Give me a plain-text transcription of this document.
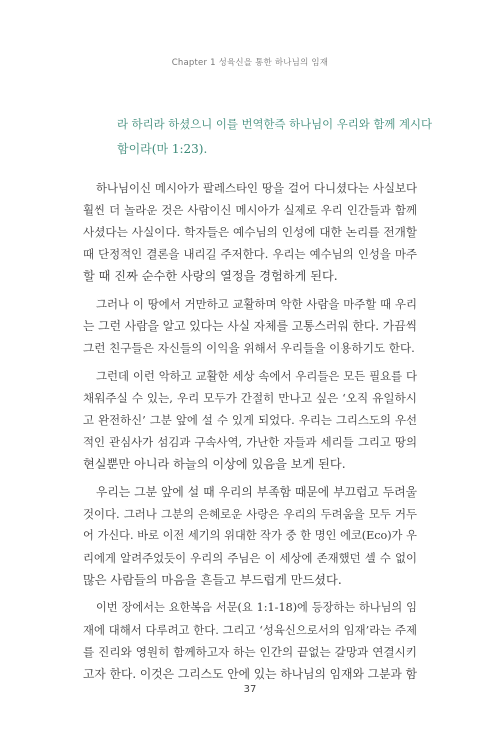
Chapter 1 성육신을 통한 하나님의 임재
라 하리라 하셨으니 이를 번역한즉 하나님이 우리와 함께 계시다
함이라(마 1:23).
하나님이신 메시아가 팔레스타인 땅을 걸어 다니셨다는 사실보다
훨씬 더 놀라운 것은 사람이신 메시아가 실제로 우리 인간들과 함께
사셨다는 사실이다. 학자들은 예수님의 인성에 대한 논리를 전개할
때 단정적인 결론을 내리길 주저한다. 우리는 예수님의 인성을 마주
할 때 진짜 순수한 사랑의 열정을 경험하게 된다.
그러나 이 땅에서 거만하고 교활하며 악한 사람을 마주할 때 우리
는 그런 사람을 알고 있다는 사실 자체를 고통스러워 한다. 가끔씩
그런 친구들은 자신들의 이익을 위해서 우리들을 이용하기도 한다.
그런데 이런 악하고 교활한 세상 속에서 우리들은 모든 필요를 다
채워주실 수 있는, 우리 모두가 간절히 만나고 싶은 ‘오직 유일하시
고 완전하신’ 그분 앞에 설 수 있게 되었다. 우리는 그리스도의 우선
적인 관심사가 섬김과 구속사역, 가난한 자들과 세리들 그리고 땅의
현실뿐만 아니라 하늘의 이상에 있음을 보게 된다.
우리는 그분 앞에 설 때 우리의 부족함 때문에 부끄럽고 두려울
것이다. 그러나 그분의 은혜로운 사랑은 우리의 두려움을 모두 거두
어 가신다. 바로 이전 세기의 위대한 작가 중 한 명인 에코(Eco)가 우
리에게 알려주었듯이 우리의 주님은 이 세상에 존재했던 셀 수 없이
많은 사람들의 마음을 흔들고 부드럽게 만드셨다.
이번 장에서는 요한복음 서문(요 1:1-18)에 등장하는 하나님의 임
재에 대해서 다루려고 한다. 그리고 ‘성육신으로서의 임재’라는 주제
를 진리와 영원히 함께하고자 하는 인간의 끝없는 갈망과 연결시키
고자 한다. 이것은 그리스도 안에 있는 하나님의 임재와 그분과 함
37
